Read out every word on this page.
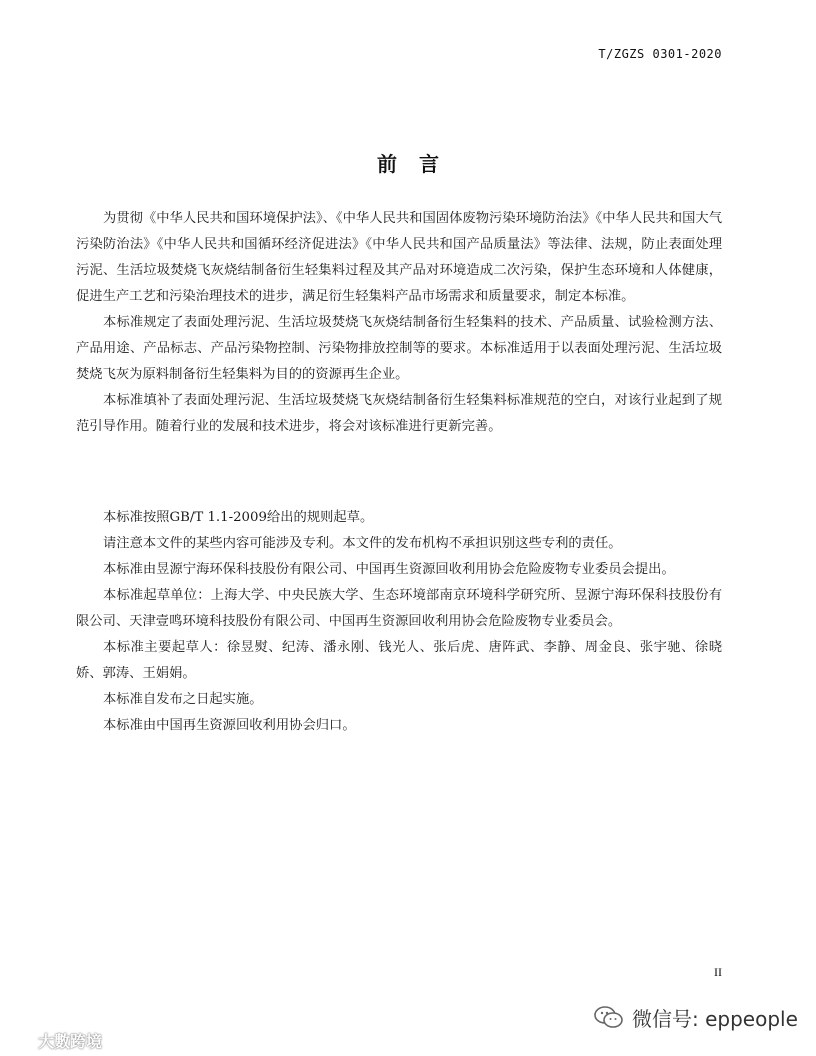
T/ZGZS 0301-2020
前言

为贯彻《中华人民共和国环境保护法》、《中华人民共和国固体废物污染环境防治法》《中华人民共和国大气污染防治法》《中华人民共和国循环经济促进法》《中华人民共和国产品质量法》等法律、法规，防止表面处理污泥、生活垃圾焚烧飞灰烧结制备衍生轻集料过程及其产品对环境造成二次污染，保护生态环境和人体健康，促进生产工艺和污染治理技术的进步，满足衍生轻集料产品市场需求和质量要求，制定本标准。

本标准规定了表面处理污泥、生活垃圾焚烧飞灰烧结制备衍生轻集料的技术、产品质量、试验检测方法、产品用途、产品标志、产品污染物控制、污染物排放控制等的要求。本标准适用于以表面处理污泥、生活垃圾焚烧飞灰为原料制备衍生轻集料为目的的资源再生企业。

本标准填补了表面处理污泥、生活垃圾焚烧飞灰烧结制备衍生轻集料标准规范的空白，对该行业起到了规范引导作用。随着行业的发展和技术进步，将会对该标准进行更新完善。

本标准按照GB/T 1.1-2009给出的规则起草。

请注意本文件的某些内容可能涉及专利。本文件的发布机构不承担识别这些专利的责任。

本标准由昱源宁海环保科技股份有限公司、中国再生资源回收利用协会危险废物专业委员会提出。

本标准起草单位：上海大学、中央民族大学、生态环境部南京环境科学研究所、昱源宁海环保科技股份有限公司、天津壹鸣环境科技股份有限公司、中国再生资源回收利用协会危险废物专业委员会。

本标准主要起草人：徐昱熨、纪涛、潘永刚、钱光人、张后虎、唐阵武、李静、周金良、张宇驰、徐晓娇、郭涛、王娟娟。

本标准自发布之日起实施。

本标准由中国再生资源回收利用协会归口。

II
微信号: eppeople
大數跨境
